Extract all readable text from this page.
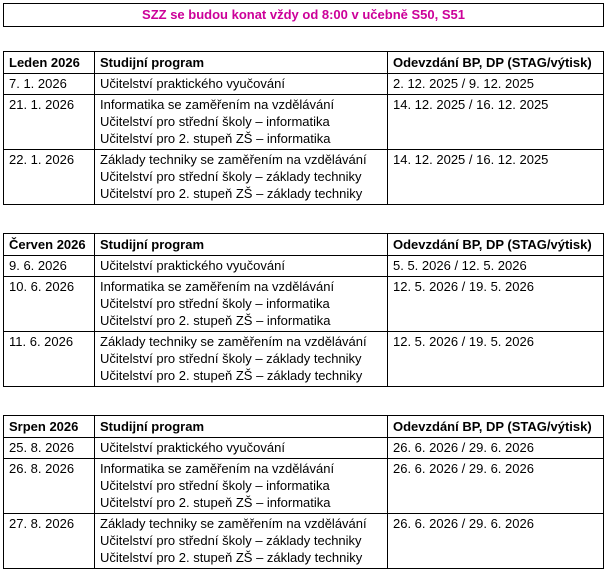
SZZ se budou konat vždy od 8:00 v učebně S50, S51
Leden 2026	Studijní program	Odevzdání BP, DP (STAG/výtisk)
7. 1. 2026	Učitelství praktického vyučování	2. 12. 2025 / 9. 12. 2025
21. 1. 2026	Informatika se zaměřením na vzdělávání
Učitelství pro střední školy – informatika
Učitelství pro 2. stupeň ZŠ – informatika	14. 12. 2025 / 16. 12. 2025
22. 1. 2026	Základy techniky se zaměřením na vzdělávání
Učitelství pro střední školy – základy techniky
Učitelství pro 2. stupeň ZŠ – základy techniky	14. 12. 2025 / 16. 12. 2025
Červen 2026	Studijní program	Odevzdání BP, DP (STAG/výtisk)
9. 6. 2026	Učitelství praktického vyučování	5. 5. 2026 / 12. 5. 2026
10. 6. 2026	Informatika se zaměřením na vzdělávání
Učitelství pro střední školy – informatika
Učitelství pro 2. stupeň ZŠ – informatika	12. 5. 2026 / 19. 5. 2026
11. 6. 2026	Základy techniky se zaměřením na vzdělávání
Učitelství pro střední školy – základy techniky
Učitelství pro 2. stupeň ZŠ – základy techniky	12. 5. 2026 / 19. 5. 2026
Srpen 2026	Studijní program	Odevzdání BP, DP (STAG/výtisk)
25. 8. 2026	Učitelství praktického vyučování	26. 6. 2026 / 29. 6. 2026
26. 8. 2026	Informatika se zaměřením na vzdělávání
Učitelství pro střední školy – informatika
Učitelství pro 2. stupeň ZŠ – informatika	26. 6. 2026 / 29. 6. 2026
27. 8. 2026	Základy techniky se zaměřením na vzdělávání
Učitelství pro střední školy – základy techniky
Učitelství pro 2. stupeň ZŠ – základy techniky	26. 6. 2026 / 29. 6. 2026
